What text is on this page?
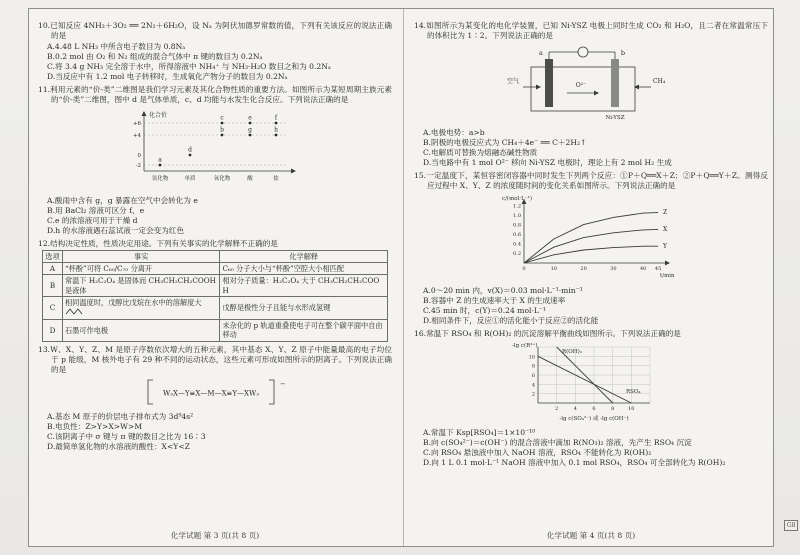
10.已知反应 4NH₃＋3O₂ ══ 2N₂＋6H₂O，设 Nₐ 为阿伏加德罗常数的值，下列有关该反应的说法正确的是

A.4.48 L NH₃ 中所含电子数目为 0.8Nₐ

B.0.2 mol 由 O₂ 和 N₂ 组成的混合气体中 π 键的数目为 0.2Nₐ

C.将 3.4 g NH₃ 完全溶于水中，所得溶液中 NH₄⁺ 与 NH₃·H₂O 数目之和为 0.2Nₐ

D.当反应中有 1.2 mol 电子转移时，生成氧化产物分子的数目为 0.2Nₐ

11.利用元素的“价-类”二维图是我们学习元素及其化合物性质的重要方法。如图所示为某短周期主族元素的“价-类”二维图，图中 d 是气体单质，c、d 均能与水发生化合反应。下列说法正确的是

化合价
+6
+4
0
-2
氢化物	单质	氧化物	酸	盐
a
d
b
c
g
e
h
f

A.酸雨中含有 g，g 暴露在空气中会转化为 e

B.用 BaCl₂ 溶液可区分 f、e

C.e 的浓溶液可用于干燥 d

D.h 的水溶液遇石蕊试液一定会变为红色

12.结构决定性质，性质决定用途。下列有关事实的化学解释不正确的是

选项	事实	化学解释
A	“杯酚”可将 C₆₀/C₇₀ 分离开	C₆₀ 分子大小与“杯酚”空腔大小相匹配
B	常温下 H₂C₂O₄ 是固体而 CH₃CH₂CH₂COOH 是液体	相对分子质量：H₂C₂O₄ 大于 CH₃CH₂CH₂COOH
C	相同温度时，戊醇比戊烷在水中的溶解度大	戊醇是极性分子且能与水形成氢键
D	石墨可作电极	未杂化的 p 轨道重叠使电子可在整个碳平面中自由移动

13.W、X、Y、Z、M 是原子序数依次增大的五种元素，其中基态 X、Y、Z 原子中能量最高的电子均位于 p 能级，M 核外电子有 29 种不同的运动状态，这些元素可形成如图所示的阴离子。下列说法正确的是

W₃X—Y≡X—M—X≡Y—XW₃
−

A.基态 M 原子的价层电子排布式为 3d⁹4s²

B.电负性：Z>Y>X>W>M

C.该阴离子中 σ 键与 π 键的数目之比为 16∶3

D.最简单氢化物的水溶液的酸性：X<Y<Z

14.如图所示为某变化的电化学装置，已知 Ni-YSZ 电极上同时生成 CO₂ 和 H₂O，且二者在常温常压下的体积比为 1∶2。下列说法正确的是

a	b
O²⁻
CH₄
空气
Ni-YSZ

A.电极电势：a>b

B.阴极的电极反应式为 CH₄＋4e⁻ ══ C＋2H₂↑

C.电解质可替换为熔融态碱性物质

D.当电路中有 1 mol O²⁻ 移向 Ni-YSZ 电极时，理论上有 2 mol H₂ 生成

15.一定温度下，某恒容密闭容器中同时发生下列两个反应：①P＋Q══X＋Z；②P＋Q══Y＋Z。测得反应过程中 X、Y、Z 的浓度随时间的变化关系如图所示。下列说法正确的是

c/(mol·L⁻¹)
t/min
0.2
0.4
0.6
0.8
1.0
1.2
0	10	20	30	40 45
Z
X
Y

A.0～20 min 内，v(X)＝0.03 mol·L⁻¹·min⁻¹

B.容器中 Z 的生成速率大于 X 的生成速率

C.45 min 时，c(Y)＝0.24 mol·L⁻¹

D.相同条件下，反应①的活化能小于反应②的活化能

16.常温下 RSO₄ 和 R(OH)₂ 的沉淀溶解平衡曲线如图所示。下列说法正确的是

-lg c(R²⁺)
-lg c(SO₄²⁻) 或 -lg c(OH⁻)
2	4	6	8	10
2
4
6
8
10
RSO₄
R(OH)₂

A.常温下 Ksp[RSO₄]＝1×10⁻¹⁰

B.向 c(SO₄²⁻)＝c(OH⁻) 的混合溶液中滴加 R(NO₃)₂ 溶液，先产生 RSO₄ 沉淀

C.向 RSO₄ 悬浊液中加入 NaOH 溶液，RSO₄ 不能转化为 R(OH)₂

D.向 1 L 0.1 mol·L⁻¹ NaOH 溶液中加入 0.1 mol RSO₄，RSO₄ 可全部转化为 R(OH)₂

化学试题 第 3 页(共 8 页)	化学试题 第 4 页(共 8 页)
G8
